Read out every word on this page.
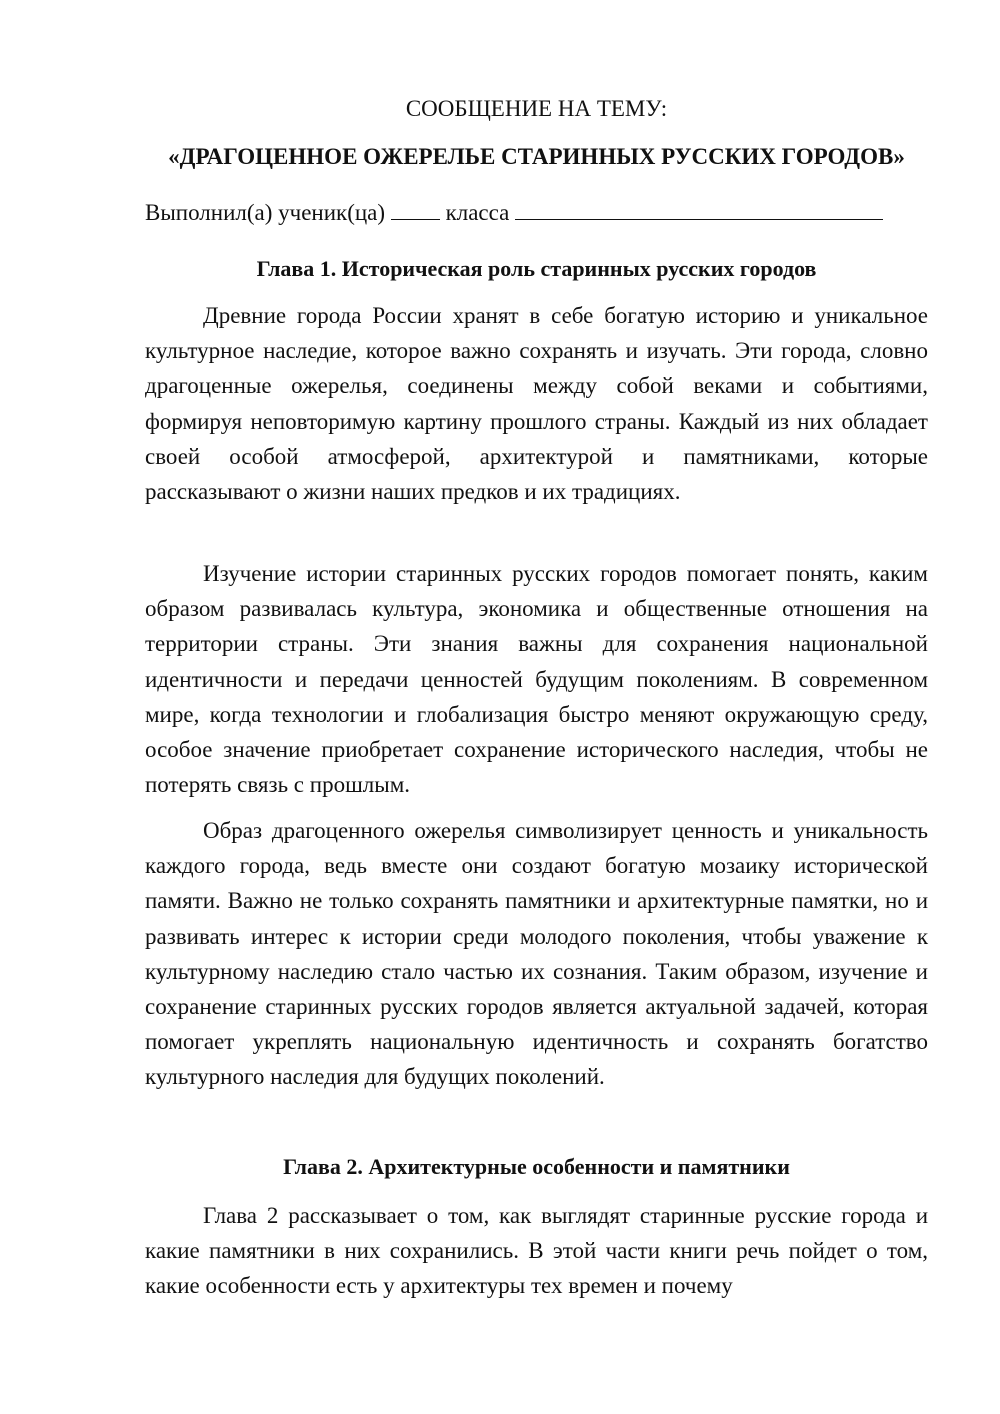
СООБЩЕНИЕ НА ТЕМУ:
«ДРАГОЦЕННОЕ ОЖЕРЕЛЬЕ СТАРИННЫХ РУССКИХ ГОРОДОВ»
Выполнил(а) ученик(ца)	класса
Глава 1. Историческая роль старинных русских городов

Древние города России хранят в себе богатую историю и уникальное культурное наследие, которое важно сохранять и изучать. Эти города, словно драгоценные ожерелья, соединены между собой веками и событиями, формируя неповторимую картину прошлого страны. Каждый из них обладает своей особой атмосферой, архитектурой и памятниками, которые рассказывают о жизни наших предков и их традициях.

Изучение истории старинных русских городов помогает понять, каким образом развивалась культура, экономика и общественные отношения на территории страны. Эти знания важны для сохранения национальной идентичности и передачи ценностей будущим поколениям. В современном мире, когда технологии и глобализация быстро меняют окружающую среду, особое значение приобретает сохранение исторического наследия, чтобы не потерять связь с прошлым.

Образ драгоценного ожерелья символизирует ценность и уникальность каждого города, ведь вместе они создают богатую мозаику исторической памяти. Важно не только сохранять памятники и архитектурные памятки, но и развивать интерес к истории среди молодого поколения, чтобы уважение к культурному наследию стало частью их сознания. Таким образом, изучение и сохранение старинных русских городов является актуальной задачей, которая помогает укреплять национальную идентичность и сохранять богатство культурного наследия для будущих поколений.

Глава 2. Архитектурные особенности и памятники

Глава 2 рассказывает о том, как выглядят старинные русские города и какие памятники в них сохранились. В этой части книги речь пойдет о том, какие особенности есть у архитектуры тех времен и почему
